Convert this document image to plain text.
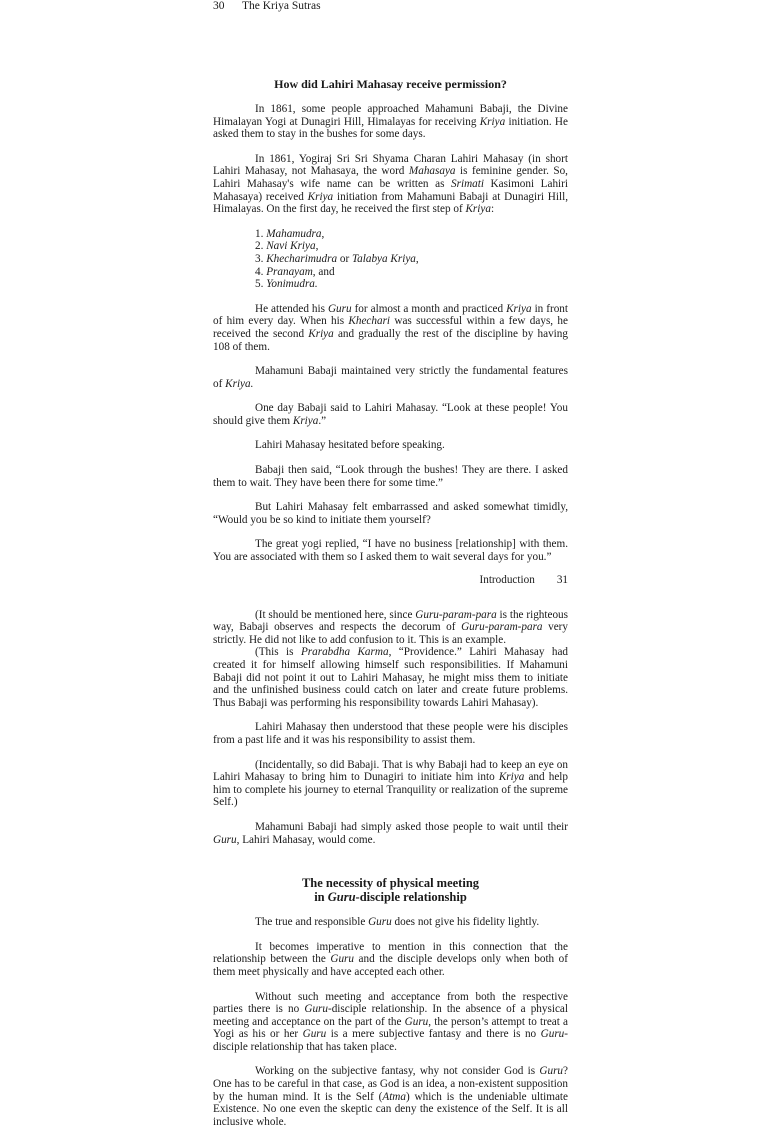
30 The Kriya Sutras
How did Lahiri Mahasay receive permission?

In 1861, some people approached Mahamuni Babaji, the Divine Himalayan Yogi at Dunagiri Hill, Himalayas for receiving Kriya initiation. He asked them to stay in the bushes for some days.

In 1861, Yogiraj Sri Sri Shyama Charan Lahiri Mahasay (in short Lahiri Mahasay, not Mahasaya, the word Mahasaya is feminine gender. So, Lahiri Mahasay's wife name can be written as Srimati Kasimoni Lahiri Mahasaya) received Kriya initiation from Mahamuni Babaji at Dunagiri Hill, Himalayas. On the first day, he received the first step of Kriya:

1. Mahamudra,
2. Navi Kriya,
3. Khecharimudra or Talabya Kriya,
4. Pranayam, and
5. Yonimudra.

He attended his Guru for almost a month and practiced Kriya in front of him every day. When his Khechari was successful within a few days, he received the second Kriya and gradually the rest of the discipline by having 108 of them.

Mahamuni Babaji maintained very strictly the fundamental features of Kriya.

One day Babaji said to Lahiri Mahasay. “Look at these people! You should give them Kriya.”

Lahiri Mahasay hesitated before speaking.

Babaji then said, “Look through the bushes! They are there. I asked them to wait. They have been there for some time.”

But Lahiri Mahasay felt embarrassed and asked somewhat timidly, “Would you be so kind to initiate them yourself?

The great yogi replied, “I have no business [relationship] with them. You are associated with them so I asked them to wait several days for you.”

Introduction 31

(It should be mentioned here, since Guru-param-para is the righteous way, Babaji observes and respects the decorum of Guru-param-para very strictly. He did not like to add confusion to it. This is an example.

(This is Prarabdha Karma, “Providence.” Lahiri Mahasay had created it for himself allowing himself such responsibilities. If Mahamuni Babaji did not point it out to Lahiri Mahasay, he might miss them to initiate and the unfinished business could catch on later and create future problems. Thus Babaji was performing his responsibility towards Lahiri Mahasay).

Lahiri Mahasay then understood that these people were his disciples from a past life and it was his responsibility to assist them.

(Incidentally, so did Babaji. That is why Babaji had to keep an eye on Lahiri Mahasay to bring him to Dunagiri to initiate him into Kriya and help him to complete his journey to eternal Tranquility or realization of the supreme Self.)

Mahamuni Babaji had simply asked those people to wait until their Guru, Lahiri Mahasay, would come.

The necessity of physical meeting
in Guru-disciple relationship

The true and responsible Guru does not give his fidelity lightly.

It becomes imperative to mention in this connection that the relationship between the Guru and the disciple develops only when both of them meet physically and have accepted each other.

Without such meeting and acceptance from both the respective parties there is no Guru-disciple relationship. In the absence of a physical meeting and acceptance on the part of the Guru, the person’s attempt to treat a Yogi as his or her Guru is a mere subjective fantasy and there is no Guru-disciple relationship that has taken place.

Working on the subjective fantasy, why not consider God is Guru? One has to be careful in that case, as God is an idea, a non-existent supposition by the human mind. It is the Self (Atma) which is the undeniable ultimate Existence. No one even the skeptic can deny the existence of the Self. It is all inclusive whole.
